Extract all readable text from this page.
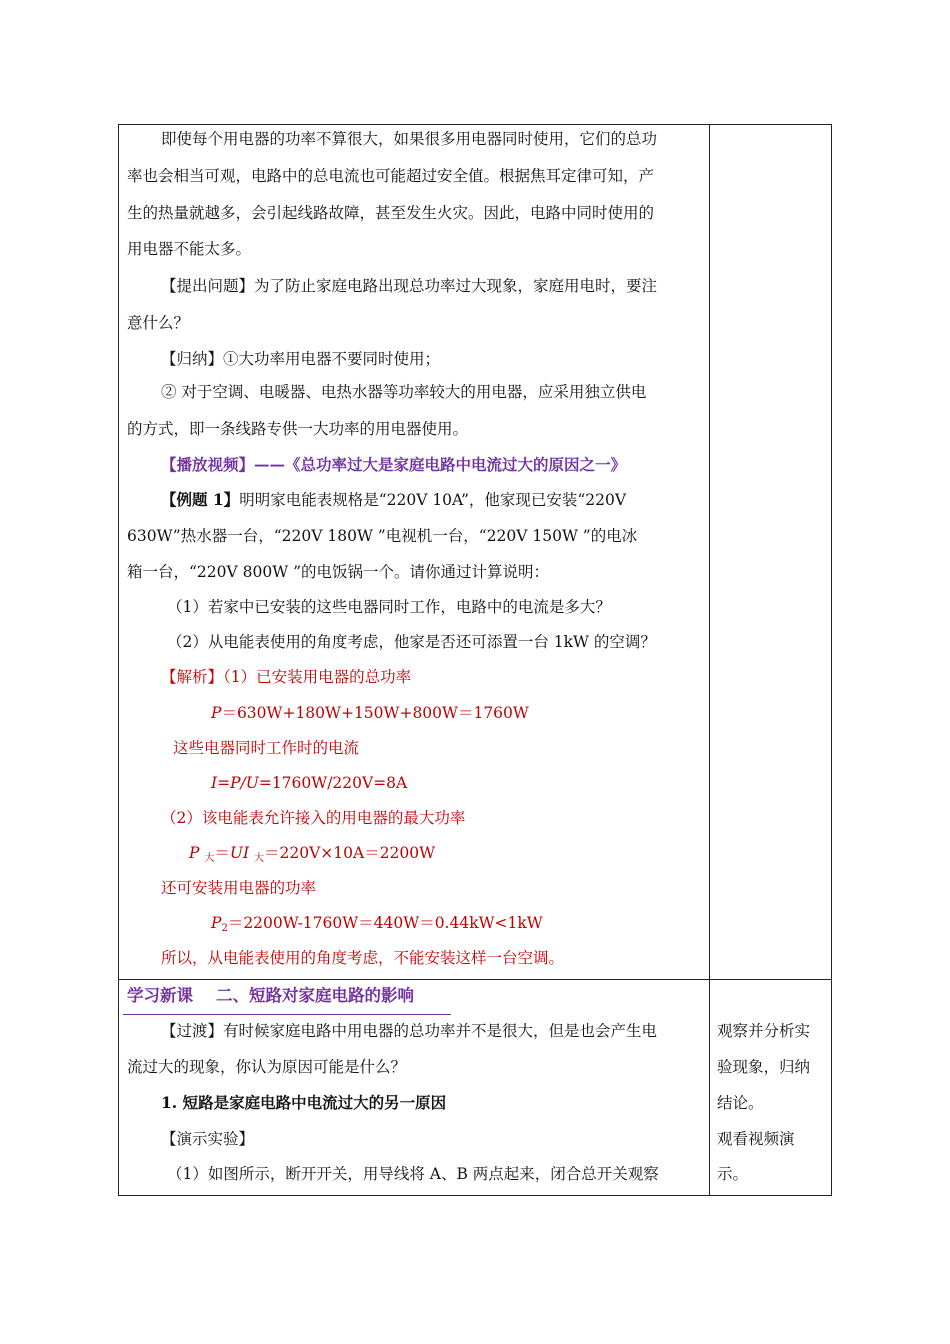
即使每个用电器的功率不算很大，如果很多用电器同时使用，它们的总功
率也会相当可观，电路中的总电流也可能超过安全值。根据焦耳定律可知，产
生的热量就越多，会引起线路故障，甚至发生火灾。因此，电路中同时使用的
用电器不能太多。
【提出问题】为了防止家庭电路出现总功率过大现象，家庭用电时，要注
意什么？
【归纳】①大功率用电器不要同时使用；
② 对于空调、电暖器、电热水器等功率较大的用电器，应采用独立供电
的方式，即一条线路专供一大功率的用电器使用。
【播放视频】——《总功率过大是家庭电路中电流过大的原因之一》
【例题 1】明明家电能表规格是“220V 10A”，他家现已安装“220V
630W”热水器一台，“220V 180W ”电视机一台，“220V 150W ”的电冰
箱一台，“220V 800W ”的电饭锅一个。请你通过计算说明：
（1）若家中已安装的这些电器同时工作，电路中的电流是多大？
（2）从电能表使用的角度考虑，他家是否还可添置一台 1kW 的空调？
【解析】（1）已安装用电器的总功率
P＝630W+180W+150W+800W＝1760W
这些电器同时工作时的电流
I=P/U=1760W/220V=8A
（2）该电能表允许接入的用电器的最大功率
P $_大$＝UI $_大$＝220V×10A＝2200W
还可安装用电器的功率
$P_2=2200W-1760W=440W=0.44kW<1kW$
所以，从电能表使用的角度考虑，不能安装这样一台空调。
学习新课    二、短路对家庭电路的影响
【过渡】有时候家庭电路中用电器的总功率并不是很大，但是也会产生电
流过大的现象，你认为原因可能是什么？
1. 短路是家庭电路中电流过大的另一原因
【演示实验】
（1）如图所示，断开开关，用导线将 A、B 两点起来，闭合总开关观察
观察并分析实
验现象，归纳
结论。
观看视频演
示。
